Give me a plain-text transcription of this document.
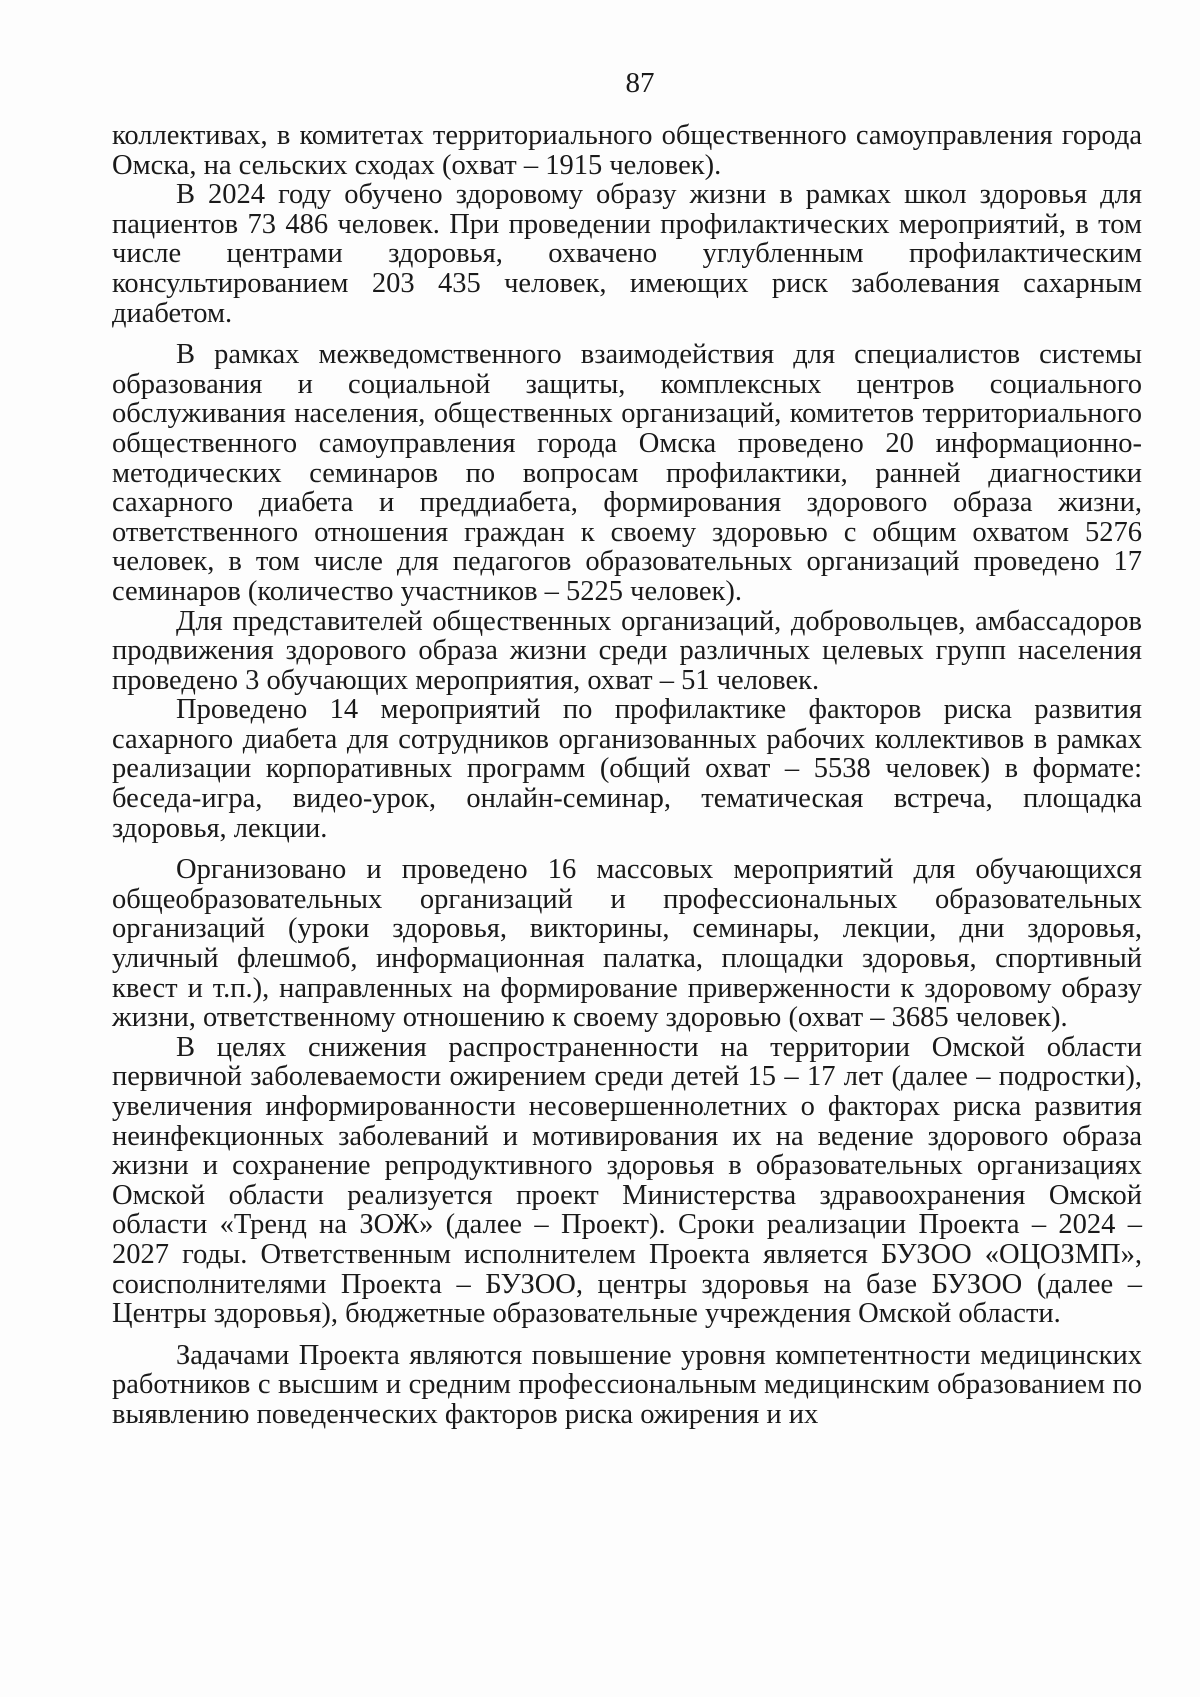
87

коллективах, в комитетах территориального общественного самоуправления города Омска, на сельских сходах (охват – 1915 человек).

В 2024 году обучено здоровому образу жизни в рамках школ здоровья для пациентов 73 486 человек. При проведении профилактических мероприятий, в том числе центрами здоровья, охвачено углубленным профилактическим консультированием 203 435 человек, имеющих риск заболевания сахарным диабетом.

В рамках межведомственного взаимодействия для специалистов системы образования и социальной защиты, комплексных центров социального обслуживания населения, общественных организаций, комитетов территориального общественного самоуправления города Омска проведено 20 информационно-методических семинаров по вопросам профилактики, ранней диагностики сахарного диабета и преддиабета, формирования здорового образа жизни, ответственного отношения граждан к своему здоровью с общим охватом 5276 человек, в том числе для педагогов образовательных организаций проведено 17 семинаров (количество участников – 5225 человек).

Для представителей общественных организаций, добровольцев, амбассадоров продвижения здорового образа жизни среди различных целевых групп населения проведено 3 обучающих мероприятия, охват – 51 человек.

Проведено 14 мероприятий по профилактике факторов риска развития сахарного диабета для сотрудников организованных рабочих коллективов в рамках реализации корпоративных программ (общий охват – 5538 человек) в формате: беседа-игра, видео-урок, онлайн-семинар, тематическая встреча, площадка здоровья, лекции.

Организовано и проведено 16 массовых мероприятий для обучающихся общеобразовательных организаций и профессиональных образовательных организаций (уроки здоровья, викторины, семинары, лекции, дни здоровья, уличный флешмоб, информационная палатка, площадки здоровья, спортивный квест и т.п.), направленных на формирование приверженности к здоровому образу жизни, ответственному отношению к своему здоровью (охват – 3685 человек).

В целях снижения распространенности на территории Омской области первичной заболеваемости ожирением среди детей 15 – 17 лет (далее – подростки), увеличения информированности несовершеннолетних о факторах риска развития неинфекционных заболеваний и мотивирования их на ведение здорового образа жизни и сохранение репродуктивного здоровья в образовательных организациях Омской области реализуется проект Министерства здравоохранения Омской области «Тренд на ЗОЖ» (далее – Проект). Сроки реализации Проекта – 2024 – 2027 годы. Ответственным исполнителем Проекта является БУЗОО «ОЦОЗМП», соисполнителями Проекта – БУЗОО, центры здоровья на базе БУЗОО (далее – Центры здоровья), бюджетные образовательные учреждения Омской области.

Задачами Проекта являются повышение уровня компетентности медицинских работников с высшим и средним профессиональным медицинским образованием по выявлению поведенческих факторов риска ожирения и их
